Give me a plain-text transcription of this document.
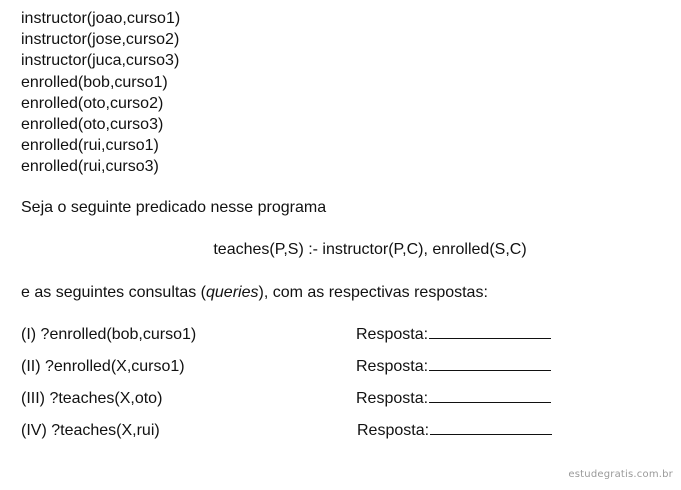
instructor(joao,curso1)
instructor(jose,curso2)
instructor(juca,curso3)
enrolled(bob,curso1)
enrolled(oto,curso2)
enrolled(oto,curso3)
enrolled(rui,curso1)
enrolled(rui,curso3)
Seja o seguinte predicado nesse programa
teaches(P,S) :- instructor(P,C), enrolled(S,C)
e as seguintes consultas (queries), com as respectivas respostas:
(I) ?enrolled(bob,curso1)	Resposta:
(II) ?enrolled(X,curso1)	Resposta:
(III) ?teaches(X,oto)	Resposta:
(IV) ?teaches(X,rui)	Resposta:
estudegratis.com.br
